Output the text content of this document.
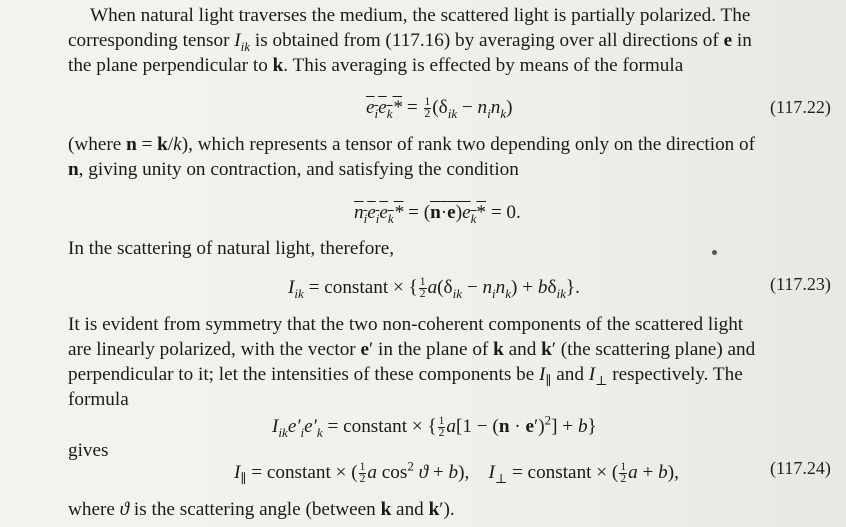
When natural light traverses the medium, the scattered light is partially polarized. The
corresponding tensor $I_{ik}$ is obtained from (117.16) by averaging over all directions of e in
the plane perpendicular to k. This averaging is effected by means of the formula
$e_ie_k* = \frac{1}{2} (\delta_{ik} - n_in_k)$	(117.22)
(where n = k/k), which represents a tensor of rank two depending only on the direction of
n, giving unity on contraction, and satisfying the condition
$n_ie_ie_k* = (n\cdot e)e_k* = 0$.
In the scattering of natural light, therefore,
$I_{ik}$ = constant × { $\frac{1}{2} a(\delta_{ik} - n_in_k) + b\delta_{ik}$}.	(117.23)
It is evident from symmetry that the two non-coherent components of the scattered light
are linearly polarized, with the vector e′ in the plane of k and k′ (the scattering plane) and
perpendicular to it; let the intensities of these components be $I_\parallel$ and $I_\perp$ respectively. The
formula
$I_{ik}e'_ie'_k$ = constant × { $\frac{1}{2} a[1 - (n \cdot e')^2] + b$}
gives
$I_\parallel$ = constant × ( $\frac{1}{2}$ a $\cos^2 ϑ + b$),    $I_\perp$ = constant × ( $\frac{1}{2}$ a + b),	(117.24)
where ϑ is the scattering angle (between k and k′).
